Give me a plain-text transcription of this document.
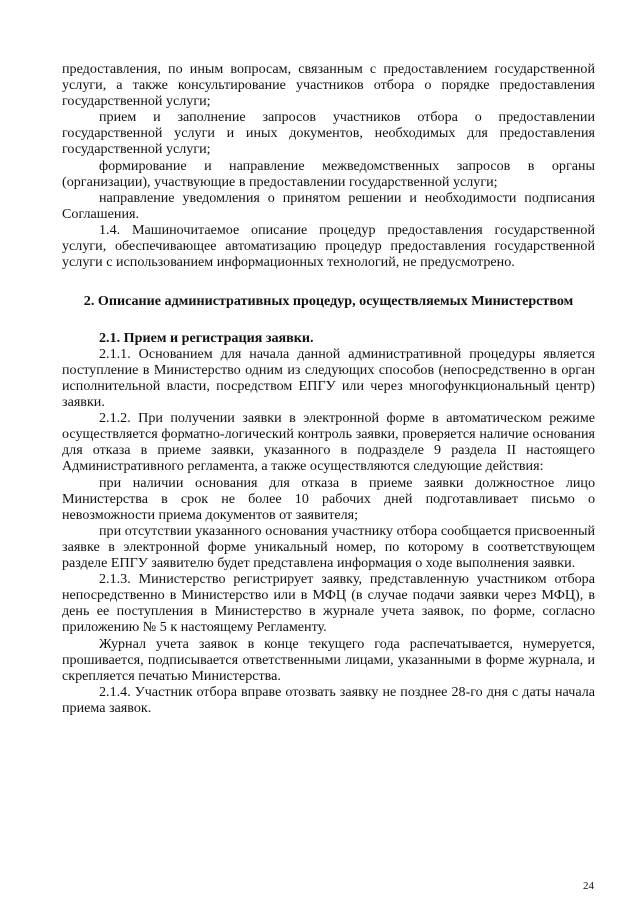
предоставления, по иным вопросам, связанным с предоставлением государственной услуги, а также консультирование участников отбора о порядке предоставления государственной услуги;

прием и заполнение запросов участников отбора о предоставлении государственной услуги и иных документов, необходимых для предоставления государственной услуги;

формирование и направление межведомственных запросов в органы (организации), участвующие в предоставлении государственной услуги;

направление уведомления о принятом решении и необходимости подписания Соглашения.

1.4. Машиночитаемое описание процедур предоставления государственной услуги, обеспечивающее автоматизацию процедур предоставления государственной услуги с использованием информационных технологий, не предусмотрено.

2. Описание административных процедур, осуществляемых Министерством

2.1. Прием и регистрация заявки.

2.1.1. Основанием для начала данной административной процедуры является поступление в Министерство одним из следующих способов (непосредственно в орган исполнительной власти, посредством ЕПГУ или через многофункциональный центр) заявки.

2.1.2. При получении заявки в электронной форме в автоматическом режиме осуществляется форматно-логический контроль заявки, проверяется наличие основания для отказа в приеме заявки, указанного в подразделе 9 раздела II настоящего Административного регламента, а также осуществляются следующие действия:

при наличии основания для отказа в приеме заявки должностное лицо Министерства в срок не более 10 рабочих дней подготавливает письмо о невозможности приема документов от заявителя;

при отсутствии указанного основания участнику отбора сообщается присвоенный заявке в электронной форме уникальный номер, по которому в соответствующем разделе ЕПГУ заявителю будет представлена информация о ходе выполнения заявки.

2.1.3. Министерство регистрирует заявку, представленную участником отбора непосредственно в Министерство или в МФЦ (в случае подачи заявки через МФЦ), в день ее поступления в Министерство в журнале учета заявок, по форме, согласно приложению № 5 к настоящему Регламенту.

Журнал учета заявок в конце текущего года распечатывается, нумеруется, прошивается, подписывается ответственными лицами, указанными в форме журнала, и скрепляется печатью Министерства.

2.1.4. Участник отбора вправе отозвать заявку не позднее 28-го дня с даты начала приема заявок.

24
